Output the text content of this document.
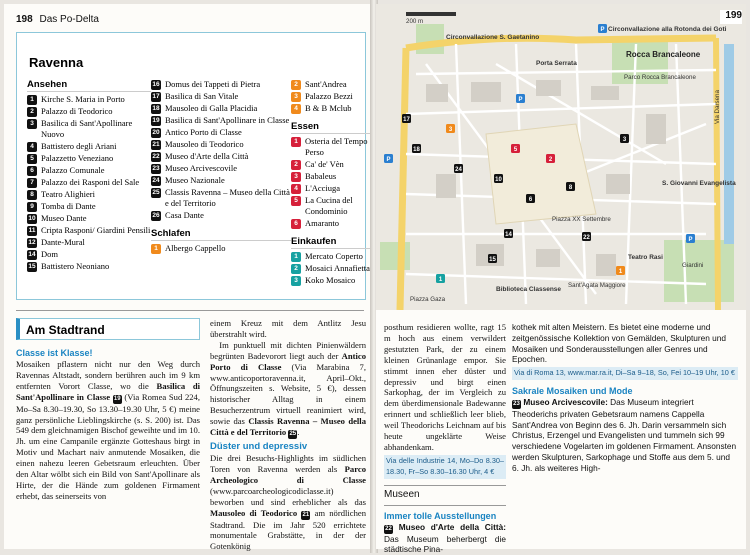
198 Das Po-Delta
Ravenna
Ansehen
1 Kirche S. Maria in Porto
2 Palazzo di Teodorico
3 Basilica di Sant'Apollinare Nuovo
4 Battistero degli Ariani
5 Palazzetto Veneziano
6 Palazzo Comunale
7 Palazzo dei Rasponi del Sale
8 Teatro Alighieri
9 Tomba di Dante
10 Museo Dante
11 Cripta Rasponi/ Giardini Pensili
12 Dante-Mural
14 Dom
15 Battistero Neoniano
16 Domus dei Tappeti di Pietra
17 Basilica di San Vitale
18 Mausoleo di Galla Placidia
19 Basilica di Sant'Apollinare in Classe
20 Antico Porto di Classe
21 Mausoleo di Teodorico
22 Museo d'Arte della Città
23 Museo Arcivescovile
24 Museo Nazionale
25 Classis Ravenna – Museo della Città e del Territorio
26 Casa Dante
Schlafen
1 Albergo Cappello
2 Sant'Andrea
3 Palazzo Bezzi
4 B & B Mclub
Essen
1 Osteria del Tempo Perso
2 Ca' de' Vèn
3 Babaleus
4 L'Acciuga
5 La Cucina del Condominio
6 Amaranto
Einkaufen
1 Mercato Coperto
2 Mosaici Annafietta
3 Koko Mosaico
Am Stadtrand
Classe ist Klasse!
Mosaiken pflastern nicht nur den Weg durch Ravennas Altstadt, sondern berühren auch im 9 km entfernten Vorort Classe, wo die Basilica di Sant'Apollinare in Classe 19 (Via Romea Sud 224, Mo–Sa 8.30–19.30, So 13.30–19.30 Uhr, 5 €) meine ganz persönliche Lieblingskirche (s. S. 200) ist. Das 549 dem gleichnamigen Bischof geweihte und im 10. Jh. um eine Campanile ergänzte Gotteshaus birgt in Motiv und Machart naiv anmutende Mosaiken, die einen nahezu leeren Gebetsraum erleuchten. Über den Altar wölbt sich ein Bild von Sant'Apollinare als Hirte, der die Hände zum goldenen Firmament erhebt, das seinerseits von
einem Kreuz mit dem Antlitz Jesu überstrahlt wird.
Im punktuell mit dichten Pinienwäldern begrünten Badevorort liegt auch der Antico Porto di Classe (Via Marabina 7, www.anticoportoravenna.it, April–Okt., Öffnungszeiten s. Website, 5 €), dessen historischer Alltag in einem Besucherzentrum virtuell reanimiert wird, sowie das Classis Ravenna – Museo della Città e del Territorio 25.
Düster und depressiv
Die drei Besuchs-Highlights im südlichen Toren von Ravenna werden als Parco Archeologico di Classe (www.parcoarcheologicodiclasse.it) beworben und sind erheblicher als das Mausoleo di Teodorico 21 am nördlichen Stadtrand. Die im Jahr 520 errichtete monumentale Grabstätte, in der der Gotenkönig
17
18
24
10
6
8
14
15
3
22
3
1
2
5
1
P
P
P
P
199
200 m
Circonvallazione S. Gaetanino
Circonvallazione alla Rotonda dei Goti
Porta Serrata
Rocca Brancaleone
Parco Rocca Brancaleone
S. Giovanni Evangelista
Teatro Rasi
Biblioteca Classense
Sant'Agata Maggiore
Giardini
Piazza Gaza
Piazza XX Settembre
Via Darsena
posthum residieren wollte, ragt 15 m hoch aus einem verwildert gestutzten Park, der zu einem kleinen Grünanlage empor. Sie stimmt innen eher düster und depressiv und birgt einen Sarkophag, der im Vergleich zu dem überdimensionale Badewanne erinnert und schließlich leer blieb, weil Theodorichs Leichnam auf bis heute ungeklärte Weise abhandenkam.
Via delle Industrie 14, Mo–Do 8.30–18.30, Fr–So 8.30–16.30 Uhr, 4 €
Museen
Immer tolle Ausstellungen
22 Museo d'Arte della Città: Das Museum beherbergt die städtische Pina-
kothek mit alten Meistern. Es bietet eine moderne und zeitgenössische Kollektion von Gemälden, Skulpturen und Mosaiken und Sonderausstellungen aller Genres und Epochen.
Via di Roma 13, www.mar.ra.it, Di–Sa 9–18, So, Fei 10–19 Uhr, 10 €
Sakrale Mosaiken und Mode
23 Museo Arcivescovile: Das Museum integriert Theoderichs privaten Gebetsraum namens Cappella Sant'Andrea von Beginn des 6. Jh. Darin versammeln sich Christus, Erzengel und Evangelisten und tummeln sich 99 verschiedene Vogelarten im goldenen Firmament. Ansonsten werden Skulpturen, Sarkophage und Stoffe aus dem 5. und 6. Jh. als weiteres High-
